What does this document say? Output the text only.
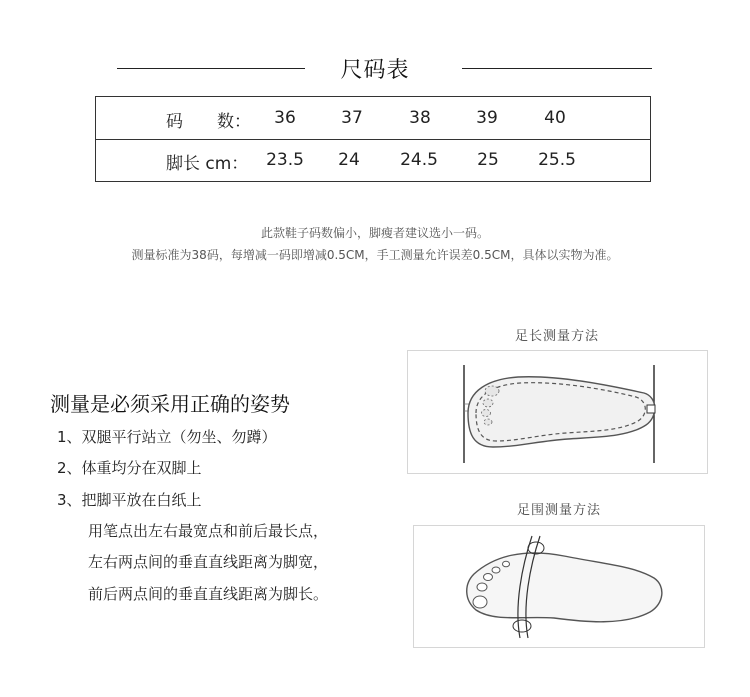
尺码表
码　　数：	36	37	38	39	40
脚长 cm：	23.5	24	24.5	25	25.5
此款鞋子码数偏小，脚瘦者建议选小一码。
测量标准为38码，每增减一码即增减0.5CM，手工测量允许误差0.5CM，具体以实物为准。
测量是必须采用正确的姿势
1、双腿平行站立（勿坐、勿蹲）
2、体重均分在双脚上
3、把脚平放在白纸上
用笔点出左右最宽点和前后最长点，
左右两点间的垂直直线距离为脚宽，
前后两点间的垂直直线距离为脚长。
足长测量方法
足围测量方法
